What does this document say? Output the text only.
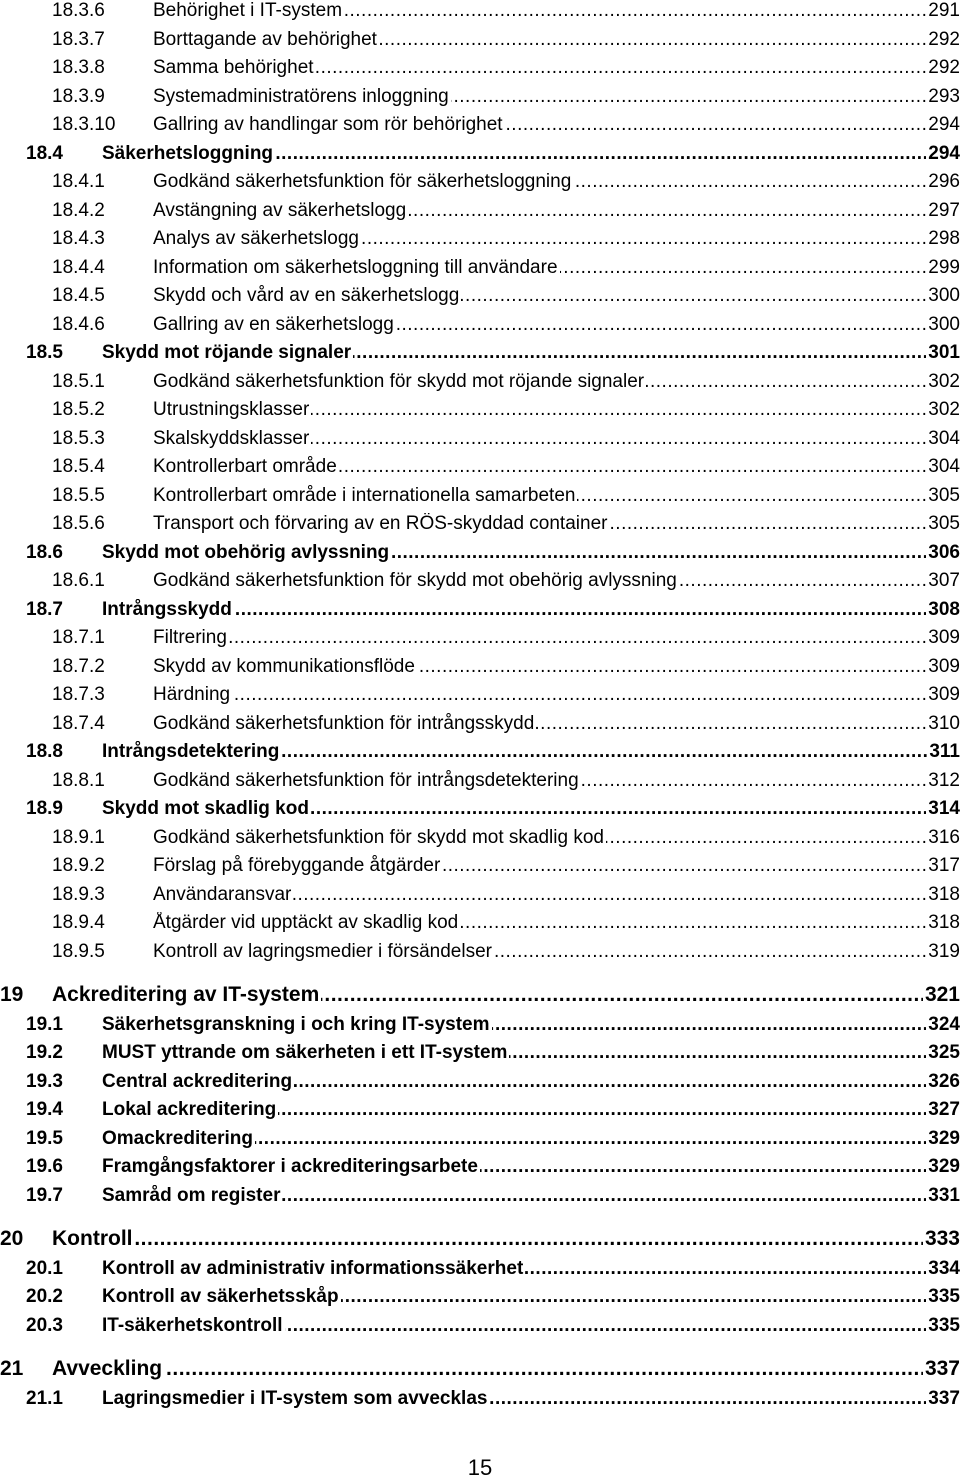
18.3.6	Behörighet i IT-system .....	291
18.3.7	Borttagande av behörighet .....	292
18.3.8	Samma behörighet .....	292
18.3.9	Systemadministratörens inloggning .....	293
18.3.10	Gallring av handlingar som rör behörighet .....	294
18.4	Säkerhetsloggning .....	294
18.4.1	Godkänd säkerhetsfunktion för säkerhetsloggning .....	296
18.4.2	Avstängning av säkerhetslogg .....	297
18.4.3	Analys av säkerhetslogg .....	298
18.4.4	Information om säkerhetsloggning till användare .....	299
18.4.5	Skydd och vård av en säkerhetslogg .....	300
18.4.6	Gallring av en säkerhetslogg .....	300
18.5	Skydd mot röjande signaler .....	301
18.5.1	Godkänd säkerhetsfunktion för skydd mot röjande signaler .....	302
18.5.2	Utrustningsklasser .....	302
18.5.3	Skalskyddsklasser .....	304
18.5.4	Kontrollerbart område .....	304
18.5.5	Kontrollerbart område i internationella samarbeten .....	305
18.5.6	Transport och förvaring av en RÖS-skyddad container .....	305
18.6	Skydd mot obehörig avlyssning .....	306
18.6.1	Godkänd säkerhetsfunktion för skydd mot obehörig avlyssning .....	307
18.7	Intrångsskydd .....	308
18.7.1	Filtrering .....	309
18.7.2	Skydd av kommunikationsflöde .....	309
18.7.3	Härdning .....	309
18.7.4	Godkänd säkerhetsfunktion för intrångsskydd .....	310
18.8	Intrångsdetektering .....	311
18.8.1	Godkänd säkerhetsfunktion för intrångsdetektering .....	312
18.9	Skydd mot skadlig kod .....	314
18.9.1	Godkänd säkerhetsfunktion för skydd mot skadlig kod .....	316
18.9.2	Förslag på förebyggande åtgärder .....	317
18.9.3	Användaransvar .....	318
18.9.4	Åtgärder vid upptäckt av skadlig kod .....	318
18.9.5	Kontroll av lagringsmedier i försändelser .....	319
19	Ackreditering av IT-system .....	321
19.1	Säkerhetsgranskning i och kring IT-system .....	324
19.2	MUST yttrande om säkerheten i ett IT-system .....	325
19.3	Central ackreditering .....	326
19.4	Lokal ackreditering .....	327
19.5	Omackreditering .....	329
19.6	Framgångsfaktorer i ackrediteringsarbete .....	329
19.7	Samråd om register .....	331
20	Kontroll .....	333
20.1	Kontroll av administrativ informationssäkerhet .....	334
20.2	Kontroll av säkerhetsskåp .....	335
20.3	IT-säkerhetskontroll .....	335
21	Avveckling .....	337
21.1	Lagringsmedier i IT-system som avvecklas .....	337
15
